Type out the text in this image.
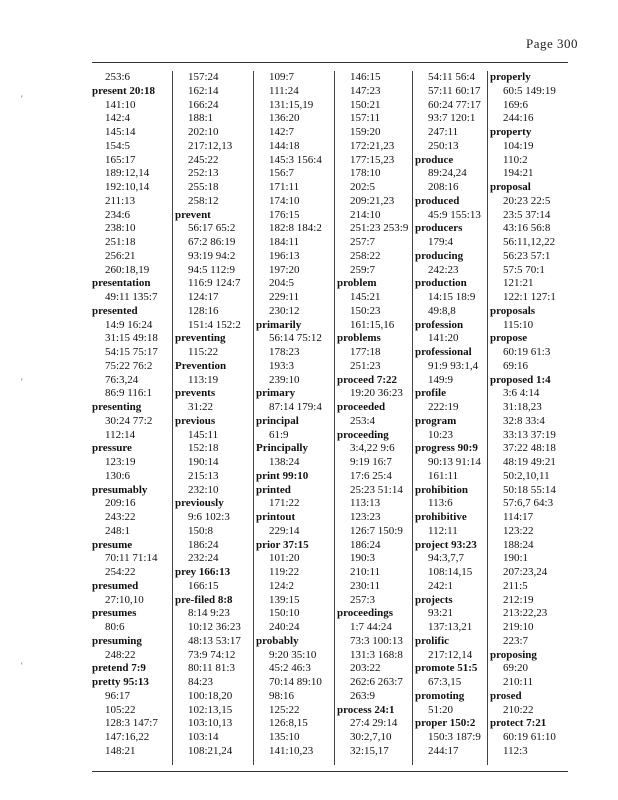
Page 300
‘
‘
‘
253:6
present 20:18
141:10
142:4
145:14
154:5
165:17
189:12,14
192:10,14
211:13
234:6
238:10
251:18
256:21
260:18,19
presentation
49:11 135:7
presented
14:9 16:24
31:15 49:18
54:15 75:17
75:22 76:2
76:3,24
86:9 116:1
presenting
30:24 77:2
112:14
pressure
123:19
130:6
presumably
209:16
243:22
248:1
presume
70:11 71:14
254:22
presumed
27:10,10
presumes
80:6
presuming
248:22
pretend 7:9
pretty 95:13
96:17
105:22
128:3 147:7
147:16,22
148:21
157:24
162:14
166:24
188:1
202:10
217:12,13
245:22
252:13
255:18
258:12
prevent
56:17 65:2
67:2 86:19
93:19 94:2
94:5 112:9
116:9 124:7
124:17
128:16
151:4 152:2
preventing
115:22
Prevention
113:19
prevents
31:22
previous
145:11
152:18
190:14
215:13
232:10
previously
9:6 102:3
150:8
186:24
232:24
prey 166:13
166:15
pre-filed 8:8
8:14 9:23
10:12 36:23
48:13 53:17
73:9 74:12
80:11 81:3
84:23
100:18,20
102:13,15
103:10,13
103:14
108:21,24
109:7
111:24
131:15,19
136:20
142:7
144:18
145:3 156:4
156:7
171:11
174:10
176:15
182:8 184:2
184:11
196:13
197:20
204:5
229:11
230:12
primarily
56:14 75:12
178:23
193:3
239:10
primary
87:14 179:4
principal
61:9
Principally
138:24
print 99:10
printed
171:22
printout
229:14
prior 37:15
101:20
119:22
124:2
139:15
150:10
240:24
probably
9:20 35:10
45:2 46:3
70:14 89:10
98:16
125:22
126:8,15
135:10
141:10,23
146:15
147:23
150:21
157:11
159:20
172:21,23
177:15,23
178:10
202:5
209:21,23
214:10
251:23 253:9
257:7
258:22
259:7
problem
145:21
150:23
161:15,16
problems
177:18
251:23
proceed 7:22
19:20 36:23
proceeded
253:4
proceeding
3:4,22 9:6
9:19 16:7
17:6 25:4
25:23 51:14
113:13
123:23
126:7 150:9
186:24
190:3
210:11
230:11
257:3
proceedings
1:7 44:24
73:3 100:13
131:3 168:8
203:22
262:6 263:7
263:9
process 24:1
27:4 29:14
30:2,7,10
32:15,17
54:11 56:4
57:11 60:17
60:24 77:17
93:7 120:1
247:11
250:13
produce
89:24,24
208:16
produced
45:9 155:13
producers
179:4
producing
242:23
production
14:15 18:9
49:8,8
profession
141:20
professional
91:9 93:1,4
149:9
profile
222:19
program
10:23
progress 90:9
90:13 91:14
161:11
prohibition
113:6
prohibitive
112:11
project 93:23
94:3,7,7
108:14,15
242:1
projects
93:21
137:13,21
prolific
217:12,14
promote 51:5
67:3,15
promoting
51:20
proper 150:2
150:3 187:9
244:17
properly
60:5 149:19
169:6
244:16
property
104:19
110:2
194:21
proposal
20:23 22:5
23:5 37:14
43:16 56:8
56:11,12,22
56:23 57:1
57:5 70:1
121:21
122:1 127:1
proposals
115:10
propose
60:19 61:3
69:16
proposed 1:4
3:6 4:14
31:18,23
32:8 33:4
33:13 37:19
37:22 48:18
48:19 49:21
50:2,10,11
50:18 55:14
57:6,7 64:3
114:17
123:22
188:24
190:1
207:23,24
211:5
212:19
213:22,23
219:10
223:7
proposing
69:20
210:11
prosed
210:22
protect 7:21
60:19 61:10
112:3
